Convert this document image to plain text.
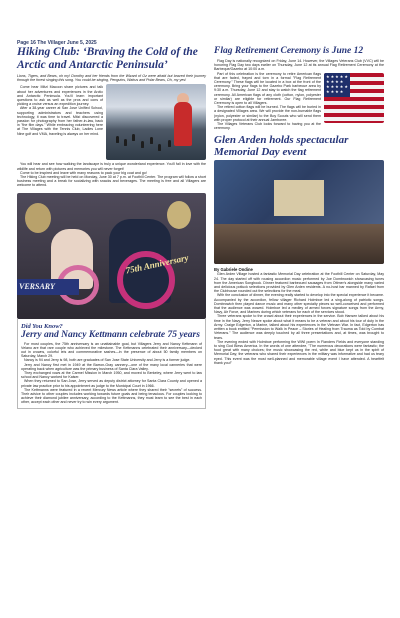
Page 16 The Villager June 5, 2025
Hiking Club: ‘Braving the Cold of the Arctic and Antarctic Peninsula’

Lions, Tigers, and Bears, oh my! Dorothy and her friends from the Wizard of Oz were afraid but braved their journey through the forest singing this song. You could be singing, Penguins, Walrus and Polar Bears, Oh, my yes!

Come hear Mitzi Macoon share pictures and talk about her adventures and experiences in the Arctic and Antarctic Peninsula. You'll learn important questions to ask as well as the pros and cons of picking a cruise versus an expedition journey.

After a 38-year career at San Jose Unified School, supporting administrators and teachers using technology, it was time to travel. Mitzi discovered a passion for photography from her father-in-law, back in "the film days." While embracing volunteering here at The Villages with the Tennis Club, Ladies Lone Nine golf and VMA, traveling is always on her mind.

You will hear and see how walking the landscape is truly a unique wonderland experience. You'll fall in love with the wildlife and return with pictures and memories you will never forget!

Come to be inspired and leave with many reasons to pack your big coat and go!

The Hiking Club meeting will be held on Monday, June 30 at 7 p.m. at Foothill Center. The program will follow a short business meeting and a break for socializing with snacks and beverages. The meeting is free and all Villagers are welcome to attend.

VERSARY
75th Anniversary
Did You Know?
Jerry and Nancy Kettmann celebrate 75 years

For most couples, the 75th anniversary is an unattainable goal, but Villagers Jerry and Nancy Kettmann of Velano are that rare couple who achieved the milestone. The Kettmanns celebrated their anniversary—decked out in crowns, colorful leis and commemorative sashes—in the presence of about 50 family members on Saturday, March 29.

Nancy is 94 and Jerry is 98, both are graduates of San Jose State University and Jerry is a former judge.

Jerry and Nancy first met in 1949 at the Barron-Gray cannery—one of the many local canneries that were operating back when agriculture was the primary business of Santa Clara Valley.

They exchanged vows at the Carmel Mission in March 1950, and moved to Berkeley, where Jerry went to law school and Nancy worked for Kaiser.

When they returned to San Jose, Jerry served as deputy district attorney for Santa Clara County and opened a private law practice prior to his appointment as judge to the Municipal Court in 1966.

The Kettmanns were featured in a recent Mercury News article where they shared their "secrets" of success. Their advice to other couples includes working towards future goals and being tenacious. For couples looking to achieve their diamond jubilee anniversary, according to the Kettmanns, they must learn to see the best in each other, accept each other and never try to win every argument.

Flag Retirement Ceremony is June 12

Flag Day is nationally recognized on Friday, June 14. However, the Villages Veterans Club (VVC) will be honoring Flag Day two days earlier on Thursday, June 12 at its annual Flag Retirement Ceremony at the Barbeque/Gazebo at 10:00 a.m.

★★★★★ ★★★★ ★★★★★ ★★★★

Part of this celebration is the ceremony to retire American flags that are faded, frayed and torn in a formal "Flag Retirement Ceremony." These flags will be located in a box at the front of the ceremony. Bring your flags to the Gazebo Park barbecue area by 9:30 a.m. Thursday, June 12 and stay to watch the flag retirement ceremony. All American flags of any cloth (cotton, nylon, polyester or similar) are eligible for retirement. Our Flag Retirement Ceremony is open to all Villagers.

The retired cotton flags will be burned. The flags will be buried in a designated Villages area. We will provide the non-burnable flags (nylon, polyester or similar) to the Boy Scouts who will send them with proper protocol at their annual Jamboree.

The Villages Veterans Club looks forward to having you at the ceremony.

Glen Arden holds spectacular Memorial Day event
By Gabriele Ondine

Glen Arden Village hosted a fantastic Memorial Day celebration at the Foothill Center on Saturday, May 24. The day started off with rousing accordion music performed by Joe Dombrowich showcasing tunes from the American Songbook. Dinner featured barbecued sausages from Ottmer's alongside many varied and delicious potluck selections provided by Glen Arden residents. A no-host bar manned by Rafael from the Clubhouse rounded out the selections for the meal.

With the conclusion of dinner, the evening really started to develop into the special experience it became. Accompanied by the accordion, fellow villager Richard Holmboe led a sing-along of patriotic songs. Dombrowich then played dance music and many other specialty pieces so well-conceived and performed that the audience was wowed. Holmboe led a medley of armed forces signature songs from the Army, Navy, Air Force, and Marines during which veterans for each of the services stood.

Three veterans spoke to the crowd about their experiences in the service. Bob Hansen talked about his time in the Navy. Jerry Neave spoke about what it means to be a veteran and about his tour of duty in the Army. Craige Edgerton, a Marine, talked about his experiences in the Vietnam War. In fact, Edgerton has written a book entitled "Permission to Walk in Peace – Stories of Healing from Trauma as Told by Combat Veterans." The audience was deeply touched by all three presentations and, at times, was brought to tears.

The evening ended with Holmboe performing the WWI poem In Flanders Fields and everyone standing to sing God Bless America. In the words of one attendee, "The numerous decorations were fantastic; the food great with many choices; the music showcasing the red, white and blue kept us in the spirit of Memorial Day; the veterans who shared their experiences in the military was informative and had us teary eyed. This event was the most well-planned and memorable village event I have attended. A heartfelt thank you!"
